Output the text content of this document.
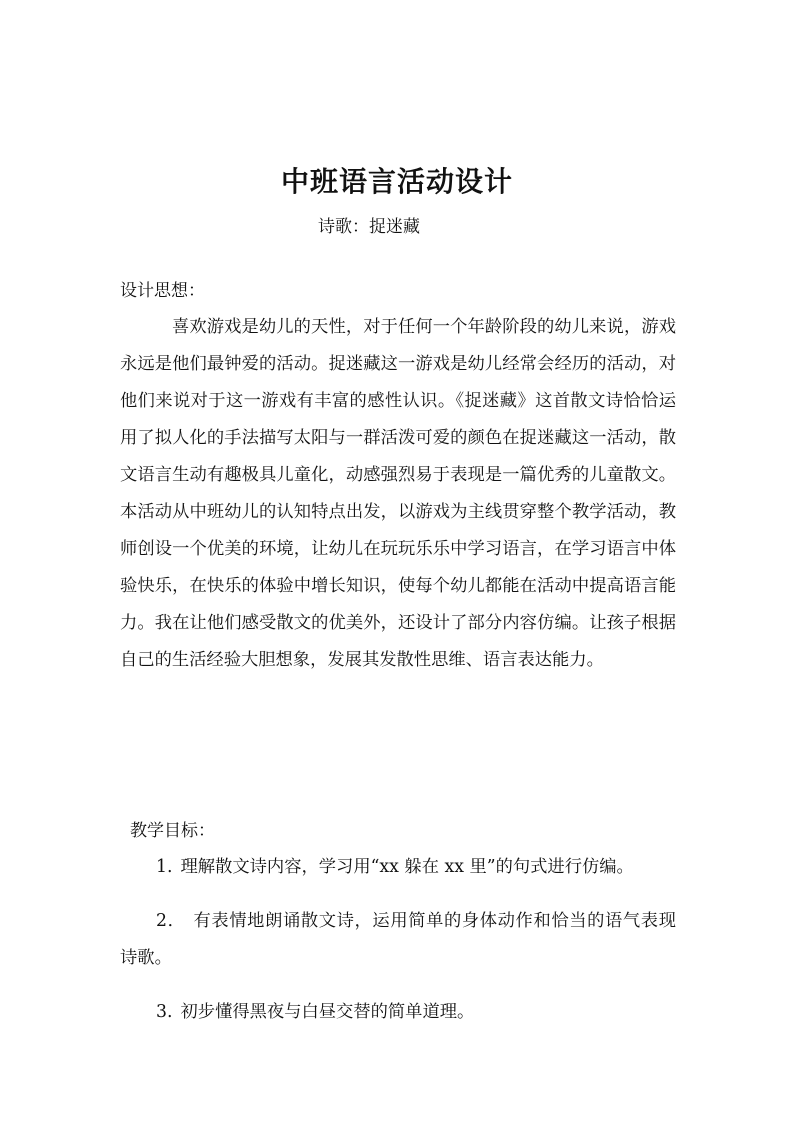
中班语言活动设计
诗歌：捉迷藏
设计思想：

喜欢游戏是幼儿的天性，对于任何一个年龄阶段的幼儿来说，游戏永远是他们最钟爱的活动。捉迷藏这一游戏是幼儿经常会经历的活动，对他们来说对于这一游戏有丰富的感性认识。《捉迷藏》这首散文诗恰恰运用了拟人化的手法描写太阳与一群活泼可爱的颜色在捉迷藏这一活动，散文语言生动有趣极具儿童化，动感强烈易于表现是一篇优秀的儿童散文。本活动从中班幼儿的认知特点出发，以游戏为主线贯穿整个教学活动，教师创设一个优美的环境，让幼儿在玩玩乐乐中学习语言，在学习语言中体验快乐，在快乐的体验中增长知识，使每个幼儿都能在活动中提高语言能力。我在让他们感受散文的优美外，还设计了部分内容仿编。让孩子根据自己的生活经验大胆想象，发展其发散性思维、语言表达能力。

教学目标：
1. 理解散文诗内容，学习用“xx 躲在 xx 里”的句式进行仿编。
2． 有表情地朗诵散文诗，运用简单的身体动作和恰当的语气表现诗歌。
3. 初步懂得黑夜与白昼交替的简单道理。
